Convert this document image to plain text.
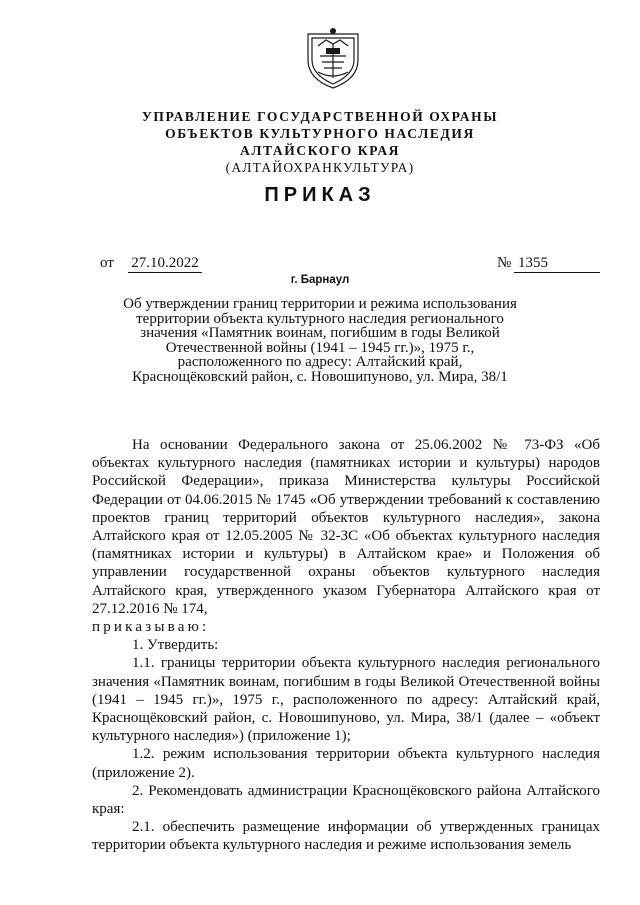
УПРАВЛЕНИЕ ГОСУДАРСТВЕННОЙ ОХРАНЫ
ОБЪЕКТОВ КУЛЬТУРНОГО НАСЛЕДИЯ
АЛТАЙСКОГО КРАЯ
(АЛТАЙОХРАНКУЛЬТУРА)
ПРИКАЗ
от 27.10.2022	№ 1355
г. Барнаул
Об утверждении границ территории и режима использования
территории объекта культурного наследия регионального
значения «Памятник воинам, погибшим в годы Великой
Отечественной войны (1941 – 1945 гг.)», 1975 г.,
расположенного по адресу: Алтайский край,
Краснощёковский район, с. Новошипуново, ул. Мира, 38/1

На основании Федерального закона от 25.06.2002 № 73-ФЗ «Об объектах культурного наследия (памятниках истории и культуры) народов Российской Федерации», приказа Министерства культуры Российской Федерации от 04.06.2015 № 1745 «Об утверждении требований к составлению проектов границ территорий объектов культурного наследия», закона Алтайского края от 12.05.2005 № 32-ЗС «Об объектах культурного наследия (памятниках истории и культуры) в Алтайском крае» и Положения об управлении государственной охраны объектов культурного наследия Алтайского края, утвержденного указом Губернатора Алтайского края от 27.12.2016 № 174,

приказываю:

1. Утвердить:

1.1. границы территории объекта культурного наследия регионального значения «Памятник воинам, погибшим в годы Великой Отечественной войны (1941 – 1945 гг.)», 1975 г., расположенного по адресу: Алтайский край, Краснощёковский район, с. Новошипуново, ул. Мира, 38/1 (далее – «объект культурного наследия») (приложение 1);

1.2. режим использования территории объекта культурного наследия (приложение 2).

2. Рекомендовать администрации Краснощёковского района Алтайского края:

2.1. обеспечить размещение информации об утвержденных границах территории объекта культурного наследия и режиме использования земель
